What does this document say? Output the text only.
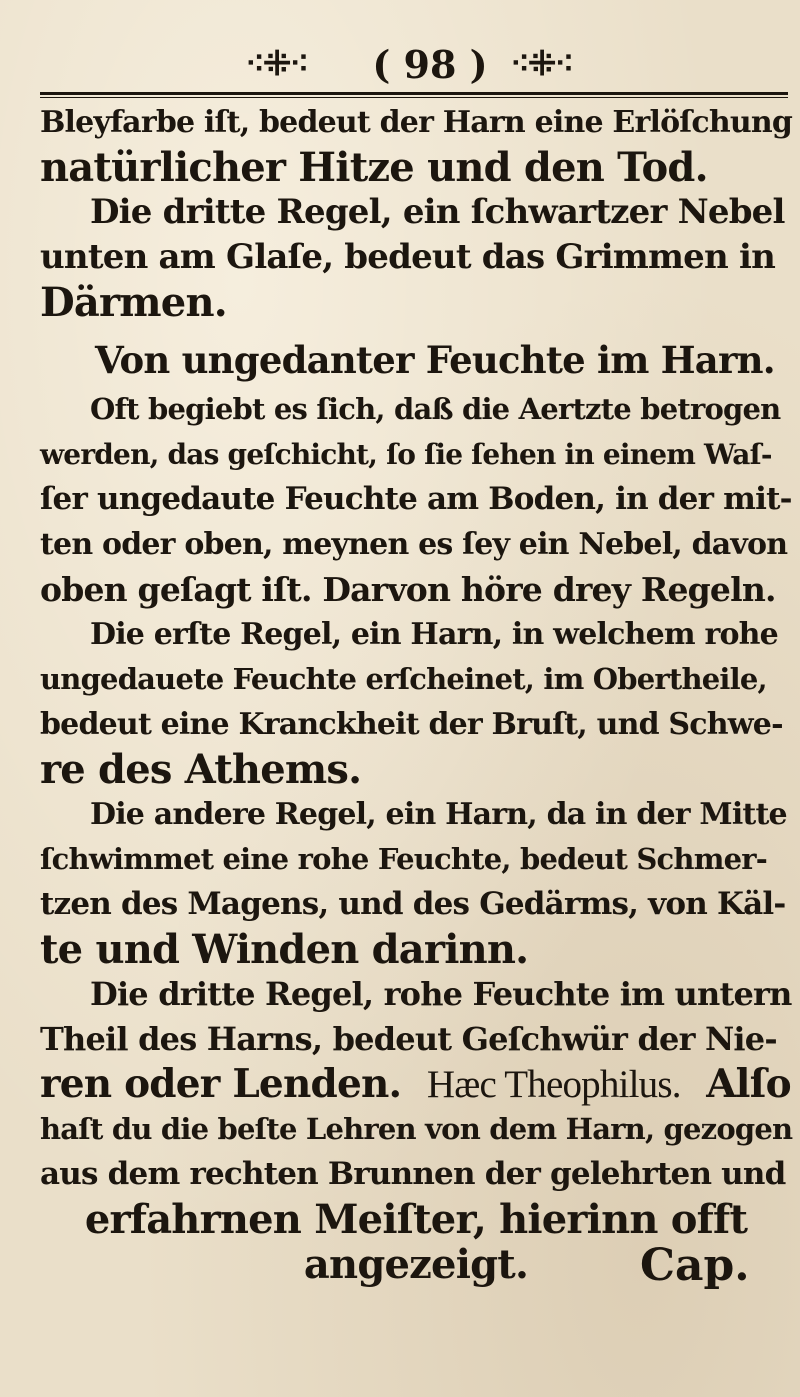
⁖⁜⁖	( 98 ) ⁖⁜⁖
Bleyfarbe iſt, bedeut der Harn eine Erlöſchung
natürlicher Hitze und den Tod.
Die dritte Regel, ein ſchwartzer Nebel
unten am Glaſe, bedeut das Grimmen in
Därmen.
Von ungedanter Feuchte im Harn.
Oft begiebt es ſich, daß die Aertzte betrogen
werden, das geſchicht, ſo ſie ſehen in einem Waſ-
ſer ungedaute Feuchte am Boden, in der mit-
ten oder oben, meynen es ſey ein Nebel, davon
oben geſagt iſt. Darvon höre drey Regeln.
Die erſte Regel, ein Harn, in welchem rohe
ungedauete Feuchte erſcheinet, im Obertheile,
bedeut eine Kranckheit der Bruſt, und Schwe-
re des Athems.
Die andere Regel, ein Harn, da in der Mitte
ſchwimmet eine rohe Feuchte, bedeut Schmer-
tzen des Magens, und des Gedärms, von Käl-
te und Winden darinn.
Die dritte Regel, rohe Feuchte im untern
Theil des Harns, bedeut Geſchwür der Nie-
ren oder Lenden. Hæc Theophilus. Alſo
haſt du die beſte Lehren von dem Harn, gezogen
aus dem rechten Brunnen der gelehrten und
erfahrnen Meiſter, hierinn offt
angezeigt.	Cap.
